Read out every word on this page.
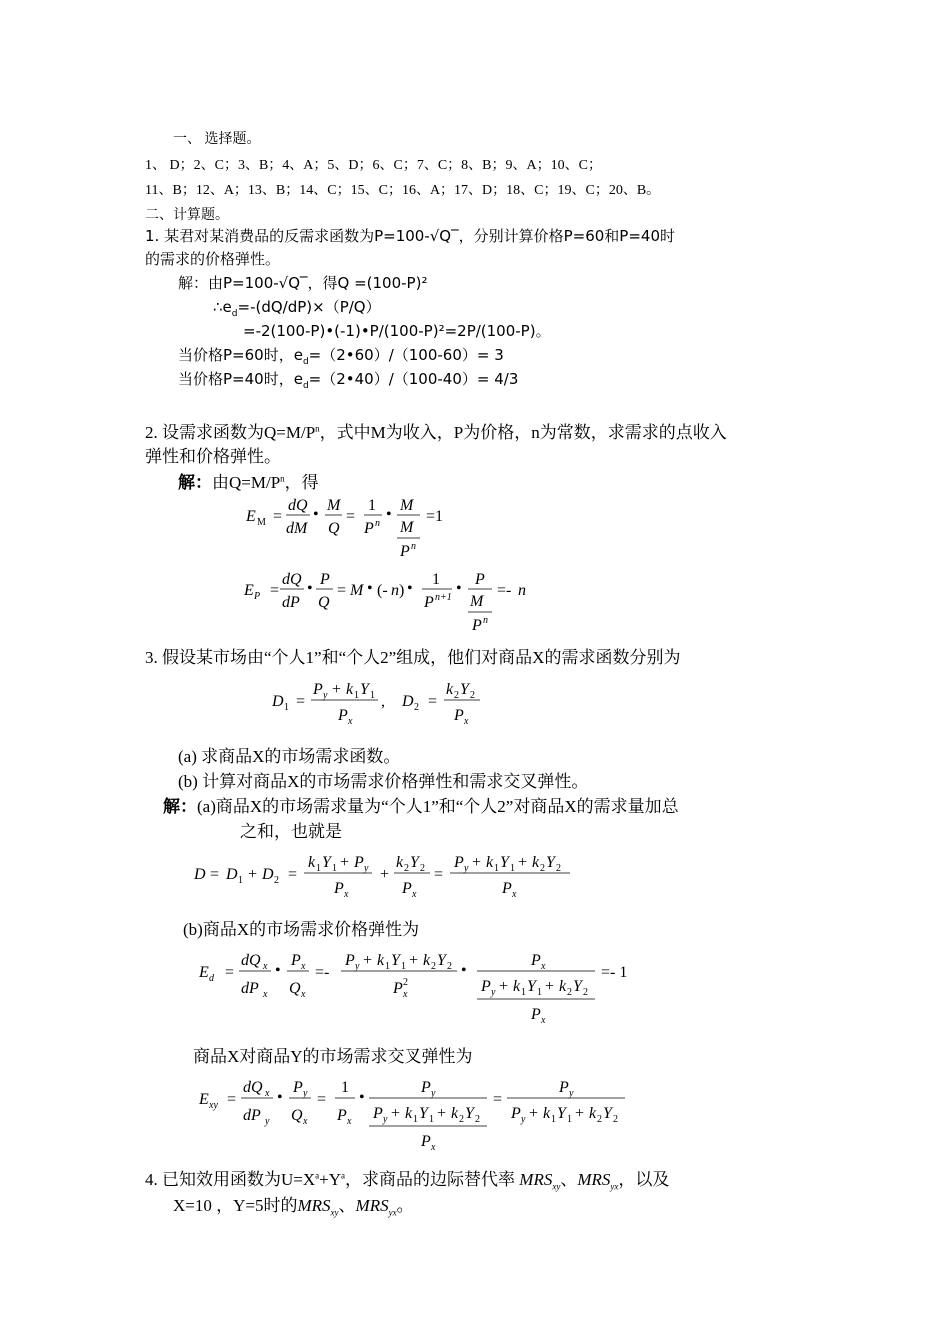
一、 选择题。
1、 D；2、C；3、B；4、A；5、D；6、C；7、C；8、B；9、A；10、C；
11、B；12、A；13、B；14、C；15、C；16、A；17、D；18、C；19、C；20、B。
二、计算题。
1. 某君对某消费品的反需求函数为P=100-√Q‾，分别计算价格P=60和P=40时
的需求的价格弹性。
解：由P=100-√Q‾，得Q =(100-P)²
$\therefore e_d=-(dQ/dP)\times(P/Q)$
=-2(100-P)•(-1)•P/(100-P)²=2P/(100-P)。
当价格P=60时，$e_d=(2•60)/(100-60)= 3$
当价格P=40时，$e_d=(2•40)/(100-40)= 4/3$
2. 设需求函数为$Q=M/P^n$，式中M为收入，P为价格，n为常数，求需求的点收入
弹性和价格弹性。
解：由$Q=M/P^n$，得
E M =
dQ
dM
•
M
Q
=
1
P n
•
M
M
P n
=1
E P =
dQ
dP
•
P
Q
= M • (- n ) •
1
P n+1
•
P
M
P n
=- n
3. 假设某市场由“个人1”和“个人2”组成，他们对商品X的需求函数分别为
D 1 =
P y + k 1 Y 1
P x
, D 2 =
k 2 Y 2
P x
(a) 求商品X的市场需求函数。
(b) 计算对商品X的市场需求价格弹性和需求交叉弹性。
解：(a)商品X的市场需求量为“个人1”和“个人2”对商品X的需求量加总
之和，也就是
D = D 1 + D 2 =
k 1 Y 1 + P y
P x
+
k 2 Y 2
P x
=
P y + k 1 Y 1 + k 2 Y 2
P x
(b)商品X的市场需求价格弹性为
E d =
dQ x
dP x
•
P x
Q x
=-
P y + k 1 Y 1 + k 2 Y 2
P 2
x
•
P x
P y + k 1 Y 1 + k 2 Y 2
P x
=- 1
商品X对商品Y的市场需求交叉弹性为
E xy =
dQ x
dP y
•
P y
Q x
=
1
P x
•
P y
P y + k 1 Y 1 + k 2 Y 2
P x
=
P y
P y + k 1 Y 1 + k 2 Y 2
4. 已知效用函数为$U=X^a+Y^a$，求商品的边际替代率 $MRS_{xy}$、$MRS_{yx}$，以及
X=10 ，Y=5时的$MRS_{xy}$、$MRS_{yx}$。
